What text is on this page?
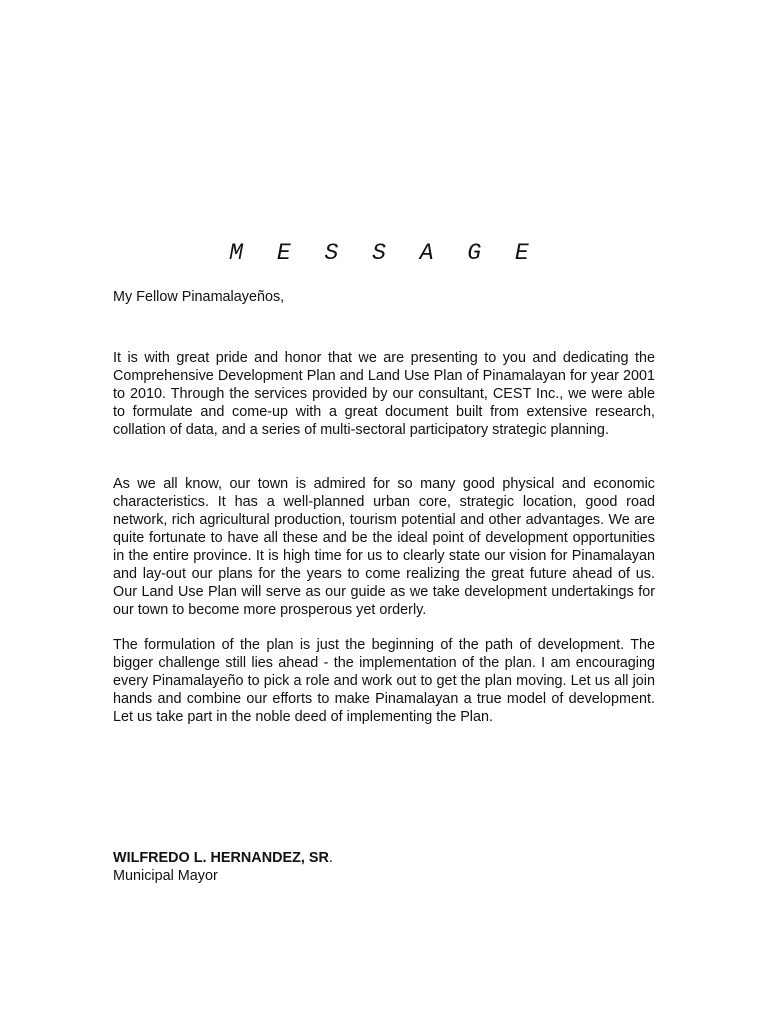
M E S S A G E
My Fellow Pinamalayeños,

It is with great pride and honor that we are presenting to you and dedicating the Comprehensive Development Plan and Land Use Plan of Pinamalayan for year 2001 to 2010. Through the services provided by our consultant, CEST Inc., we were able to formulate and come-up with a great document built from extensive research, collation of data, and a series of multi-sectoral participatory strategic planning.

As we all know, our town is admired for so many good physical and economic characteristics. It has a well-planned urban core, strategic location, good road network, rich agricultural production, tourism potential and other advantages. We are quite fortunate to have all these and be the ideal point of development opportunities in the entire province. It is high time for us to clearly state our vision for Pinamalayan and lay-out our plans for the years to come realizing the great future ahead of us. Our Land Use Plan will serve as our guide as we take development undertakings for our town to become more prosperous yet orderly.

The formulation of the plan is just the beginning of the path of development. The bigger challenge still lies ahead - the implementation of the plan. I am encouraging every Pinamalayeño to pick a role and work out to get the plan moving. Let us all join hands and combine our efforts to make Pinamalayan a true model of development. Let us take part in the noble deed of implementing the Plan.

WILFREDO L. HERNANDEZ, SR.
Municipal Mayor
